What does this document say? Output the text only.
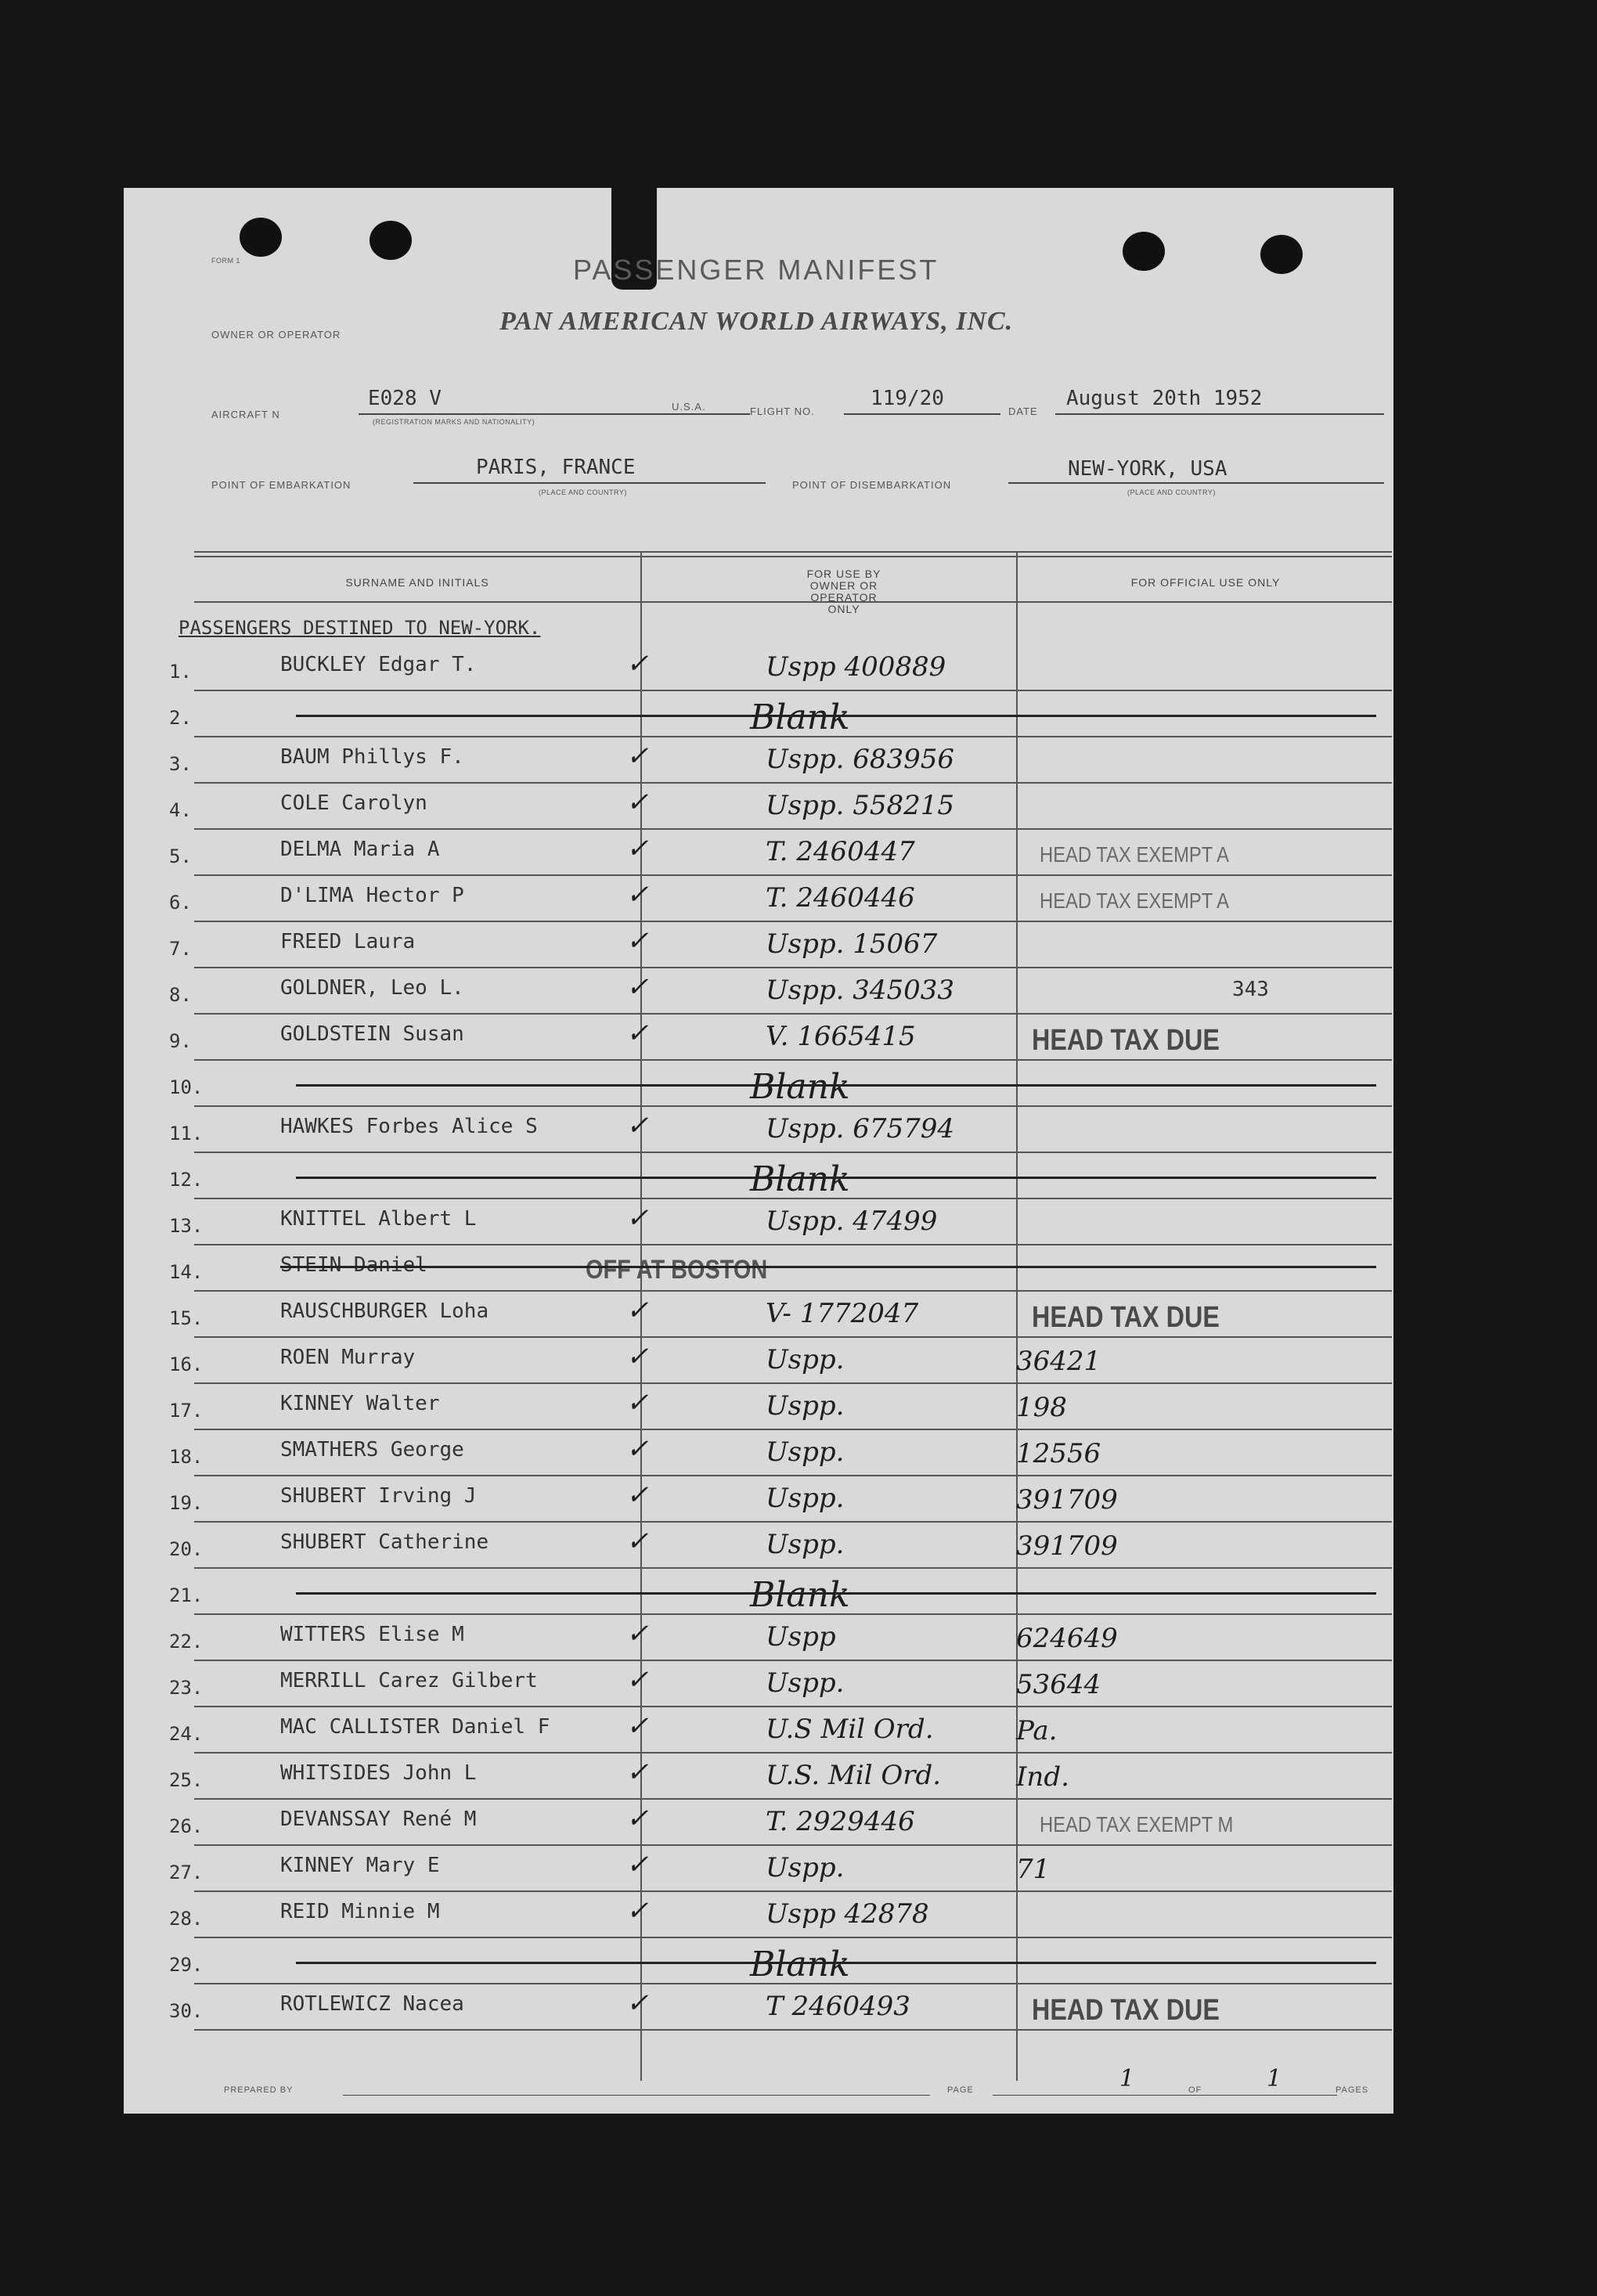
FORM 1	PASSENGER MANIFEST
OWNER OR OPERATOR	PAN AMERICAN WORLD AIRWAYS, INC.
AIRCRAFT N
E028 V
(REGISTRATION MARKS AND NATIONALITY)
U.S.A.	FLIGHT NO.
119/20
DATE
August 20th 1952
POINT OF EMBARKATION
PARIS, FRANCE
(PLACE AND COUNTRY)
POINT OF DISEMBARKATION
NEW-YORK, USA
(PLACE AND COUNTRY)
SURNAME AND INITIALS
FOR USE BY OWNER OR OPERATOR ONLY
FOR OFFICIAL USE ONLY
PASSENGERS DESTINED TO NEW-YORK.
1.	BUCKLEY Edgar T.	✓	Uspp 400889
2.	Blank
3.	BAUM Phillys F.	✓	Uspp. 683956
4.	COLE Carolyn	✓	Uspp. 558215
5.	DELMA Maria A	✓	T. 2460447	HEAD TAX EXEMPT A
6.	D'LIMA Hector P	✓	T. 2460446	HEAD TAX EXEMPT A
7.	FREED Laura	✓	Uspp. 15067
8.	GOLDNER, Leo L.	✓	Uspp. 345033	343
9.	GOLDSTEIN Susan	✓	V. 1665415	HEAD TAX DUE
10.	Blank
11.	HAWKES Forbes Alice S	✓	Uspp. 675794
12.	Blank
13.	KNITTEL Albert L	✓	Uspp. 47499
14.	STEIN Daniel	OFF AT BOSTON
15.	RAUSCHBURGER Loha	✓	V- 1772047	HEAD TAX DUE
16.	ROEN Murray	✓	Uspp.	36421
17.	KINNEY Walter	✓	Uspp.	198
18.	SMATHERS George	✓	Uspp.	12556
19.	SHUBERT Irving J	✓	Uspp.	391709
20.	SHUBERT Catherine	✓	Uspp.	391709
21.	Blank
22.	WITTERS Elise M	✓	Uspp	624649
23.	MERRILL Carez Gilbert	✓	Uspp.	53644
24.	MAC CALLISTER Daniel F	✓	U.S Mil Ord.	Pa.
25.	WHITSIDES John L	✓	U.S. Mil Ord.	Ind.
26.	DEVANSSAY René M	✓	T. 2929446	HEAD TAX EXEMPT M
27.	KINNEY Mary E	✓	Uspp.	71
28.	REID Minnie M	✓	Uspp 42878
29.	Blank
30.	ROTLEWICZ Nacea	✓	T 2460493	HEAD TAX DUE
PREPARED BY	PAGE	1	OF	1	PAGES
